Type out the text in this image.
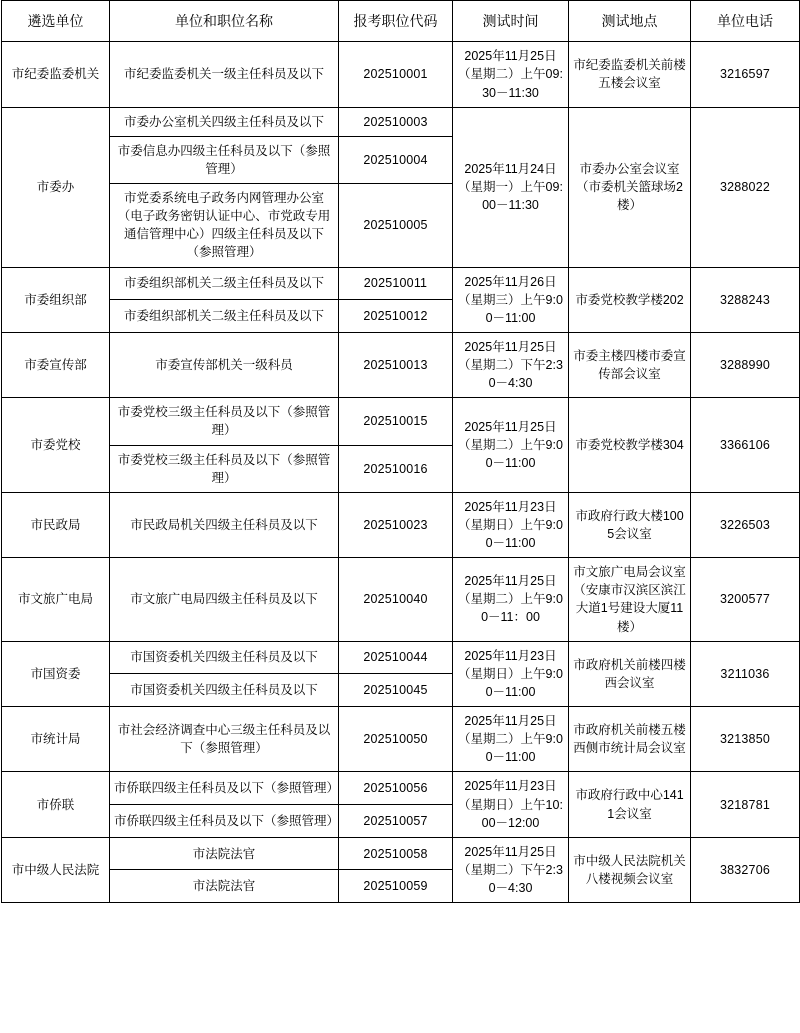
遴选单位	单位和职位名称	报考职位代码	测试时间	测试地点	单位电话
市纪委监委机关	市纪委监委机关一级主任科员及以下	202510001	2025年11月25日（星期二）上午09:30－11:30	市纪委监委机关前楼五楼会议室	3216597
市委办	市委办公室机关四级主任科员及以下	202510003	2025年11月24日（星期一）上午09:00－11:30	市委办公室会议室（市委机关篮球场2楼）	3288022
	市委信息办四级主任科员及以下（参照管理）	202510004			
	市党委系统电子政务内网管理办公室（电子政务密钥认证中心、市党政专用通信管理中心）四级主任科员及以下（参照管理）	202510005			
市委组织部	市委组织部机关二级主任科员及以下	202510011	2025年11月26日（星期三）上午9:00－11:00	市委党校教学楼202	3288243
	市委组织部机关二级主任科员及以下	202510012			
市委宣传部	市委宣传部机关一级科员	202510013	2025年11月25日（星期二）下午2:30－4:30	市委主楼四楼市委宣传部会议室	3288990
市委党校	市委党校三级主任科员及以下（参照管理）	202510015	2025年11月25日（星期二）上午9:00－11:00	市委党校教学楼304	3366106
	市委党校三级主任科员及以下（参照管理）	202510016			
市民政局	市民政局机关四级主任科员及以下	202510023	2025年11月23日（星期日）上午9:00－11:00	市政府行政大楼1005会议室	3226503
市文旅广电局	市文旅广电局四级主任科员及以下	202510040	2025年11月25日（星期二）上午9:00－11：00	市文旅广电局会议室（安康市汉滨区滨江大道1号建设大厦11楼）	3200577
市国资委	市国资委机关四级主任科员及以下	202510044	2025年11月23日（星期日）上午9:00－11:00	市政府机关前楼四楼西会议室	3211036
	市国资委机关四级主任科员及以下	202510045			
市统计局	市社会经济调查中心三级主任科员及以下（参照管理）	202510050	2025年11月25日（星期二）上午9:00－11:00	市政府机关前楼五楼西侧市统计局会议室	3213850
市侨联	市侨联四级主任科员及以下（参照管理）	202510056	2025年11月23日（星期日）上午10:00－12:00	市政府行政中心1411会议室	3218781
	市侨联四级主任科员及以下（参照管理）	202510057			
市中级人民法院	市法院法官	202510058	2025年11月25日（星期二）下午2:30－4:30	市中级人民法院机关八楼视频会议室	3832706
	市法院法官	202510059			
